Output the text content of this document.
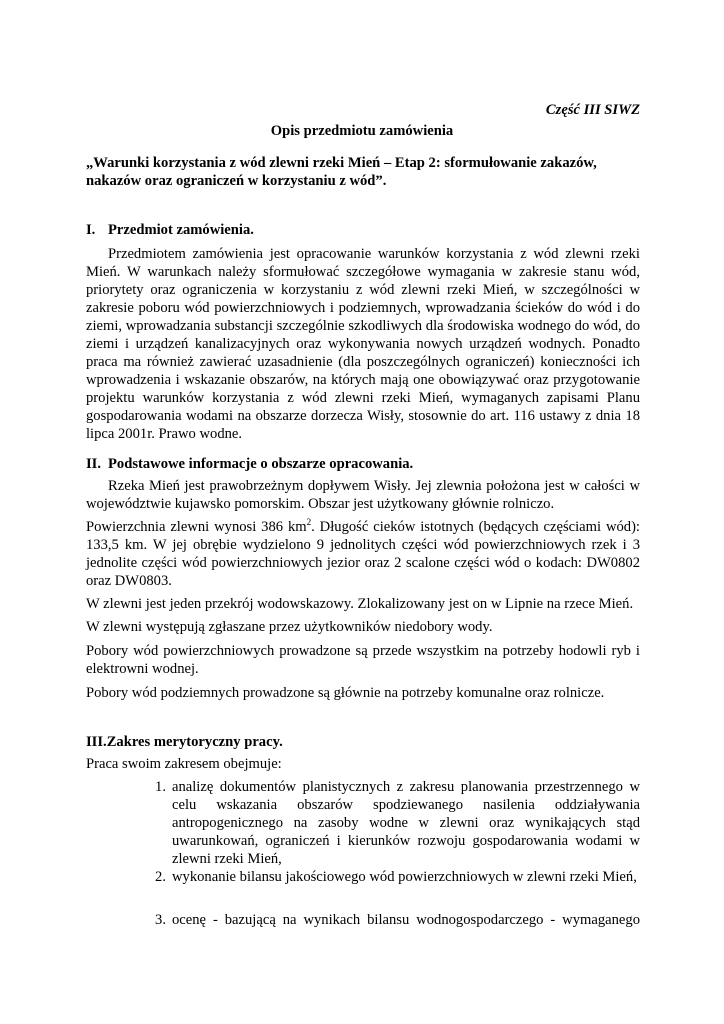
Część III SIWZ
Opis przedmiotu zamówienia
„Warunki korzystania z wód zlewni rzeki Mień – Etap 2: sformułowanie zakazów, nakazów oraz ograniczeń w korzystaniu z wód”.
I. Przedmiot zamówienia.
Przedmiotem zamówienia jest opracowanie warunków korzystania z wód zlewni rzeki Mień. W warunkach należy sformułować szczegółowe wymagania w zakresie stanu wód, priorytety oraz ograniczenia w korzystaniu z wód zlewni rzeki Mień, w szczególności w zakresie poboru wód powierzchniowych i podziemnych, wprowadzania ścieków do wód i do ziemi, wprowadzania substancji szczególnie szkodliwych dla środowiska wodnego do wód, do ziemi i urządzeń kanalizacyjnych oraz wykonywania nowych urządzeń wodnych. Ponadto praca ma również zawierać uzasadnienie (dla poszczególnych ograniczeń) konieczności ich wprowadzenia i wskazanie obszarów, na których mają one obowiązywać oraz przygotowanie projektu warunków korzystania z wód zlewni rzeki Mień, wymaganych zapisami Planu gospodarowania wodami na obszarze dorzecza Wisły, stosownie do art. 116 ustawy z dnia 18 lipca 2001r. Prawo wodne.
II. Podstawowe informacje o obszarze opracowania.
Rzeka Mień jest prawobrzeżnym dopływem Wisły. Jej zlewnia położona jest w całości w województwie kujawsko pomorskim. Obszar jest użytkowany głównie rolniczo.
Powierzchnia zlewni wynosi 386 $km^2$. Długość cieków istotnych (będących częściami wód): 133,5 km. W jej obrębie wydzielono 9 jednolitych części wód powierzchniowych rzek i 3 jednolite części wód powierzchniowych jezior oraz 2 scalone części wód o kodach: DW0802 oraz DW0803.
W zlewni jest jeden przekrój wodowskazowy. Zlokalizowany jest on w Lipnie na rzece Mień.
W zlewni występują zgłaszane przez użytkowników niedobory wody.
Pobory wód powierzchniowych prowadzone są przede wszystkim na potrzeby hodowli ryb i elektrowni wodnej.
Pobory wód podziemnych prowadzone są głównie na potrzeby komunalne oraz rolnicze.
III.Zakres merytoryczny pracy.
Praca swoim zakresem obejmuje:
1. analizę dokumentów planistycznych z zakresu planowania przestrzennego w celu wskazania obszarów spodziewanego nasilenia oddziaływania antropogenicznego na zasoby wodne w zlewni oraz wynikających stąd uwarunkowań, ograniczeń i kierunków rozwoju gospodarowania wodami w zlewni rzeki Mień,
2. wykonanie bilansu jakościowego wód powierzchniowych w zlewni rzeki Mień,
3. ocenę - bazującą na wynikach bilansu wodnogospodarczego - wymaganego
